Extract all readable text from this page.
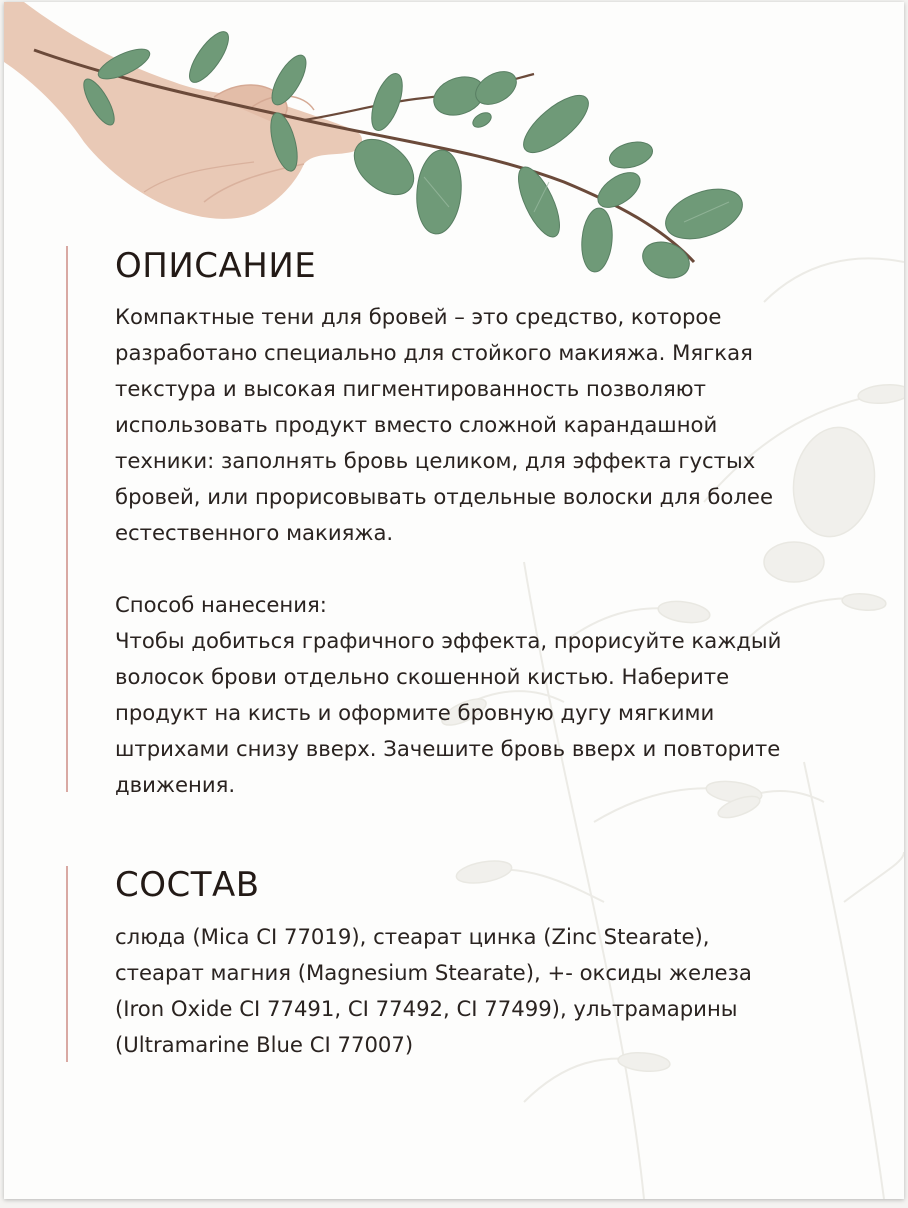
ОПИСАНИЕ

Компактные тени для бровей – это средство, которое
разработано специально для стойкого макияжа. Мягкая
текстура и высокая пигментированность позволяют
использовать продукт вместо сложной карандашной
техники: заполнять бровь целиком, для эффекта густых
бровей, или прорисовывать отдельные волоски для более
естественного макияжа.

Способ нанесения:

Чтобы добиться графичного эффекта, прорисуйте каждый
волосок брови отдельно скошенной кистью. Наберите
продукт на кисть и оформите бровную дугу мягкими
штрихами снизу вверх. Зачешите бровь вверх и повторите
движения.

СОСТАВ

слюда (Mica CI 77019), стеарат цинка (Zinc Stearate),
стеарат магния (Magnesium Stearate), +- оксиды железа
(Iron Oxide CI 77491, CI 77492, CI 77499), ультрамарины
(Ultramarine Blue CI 77007)
